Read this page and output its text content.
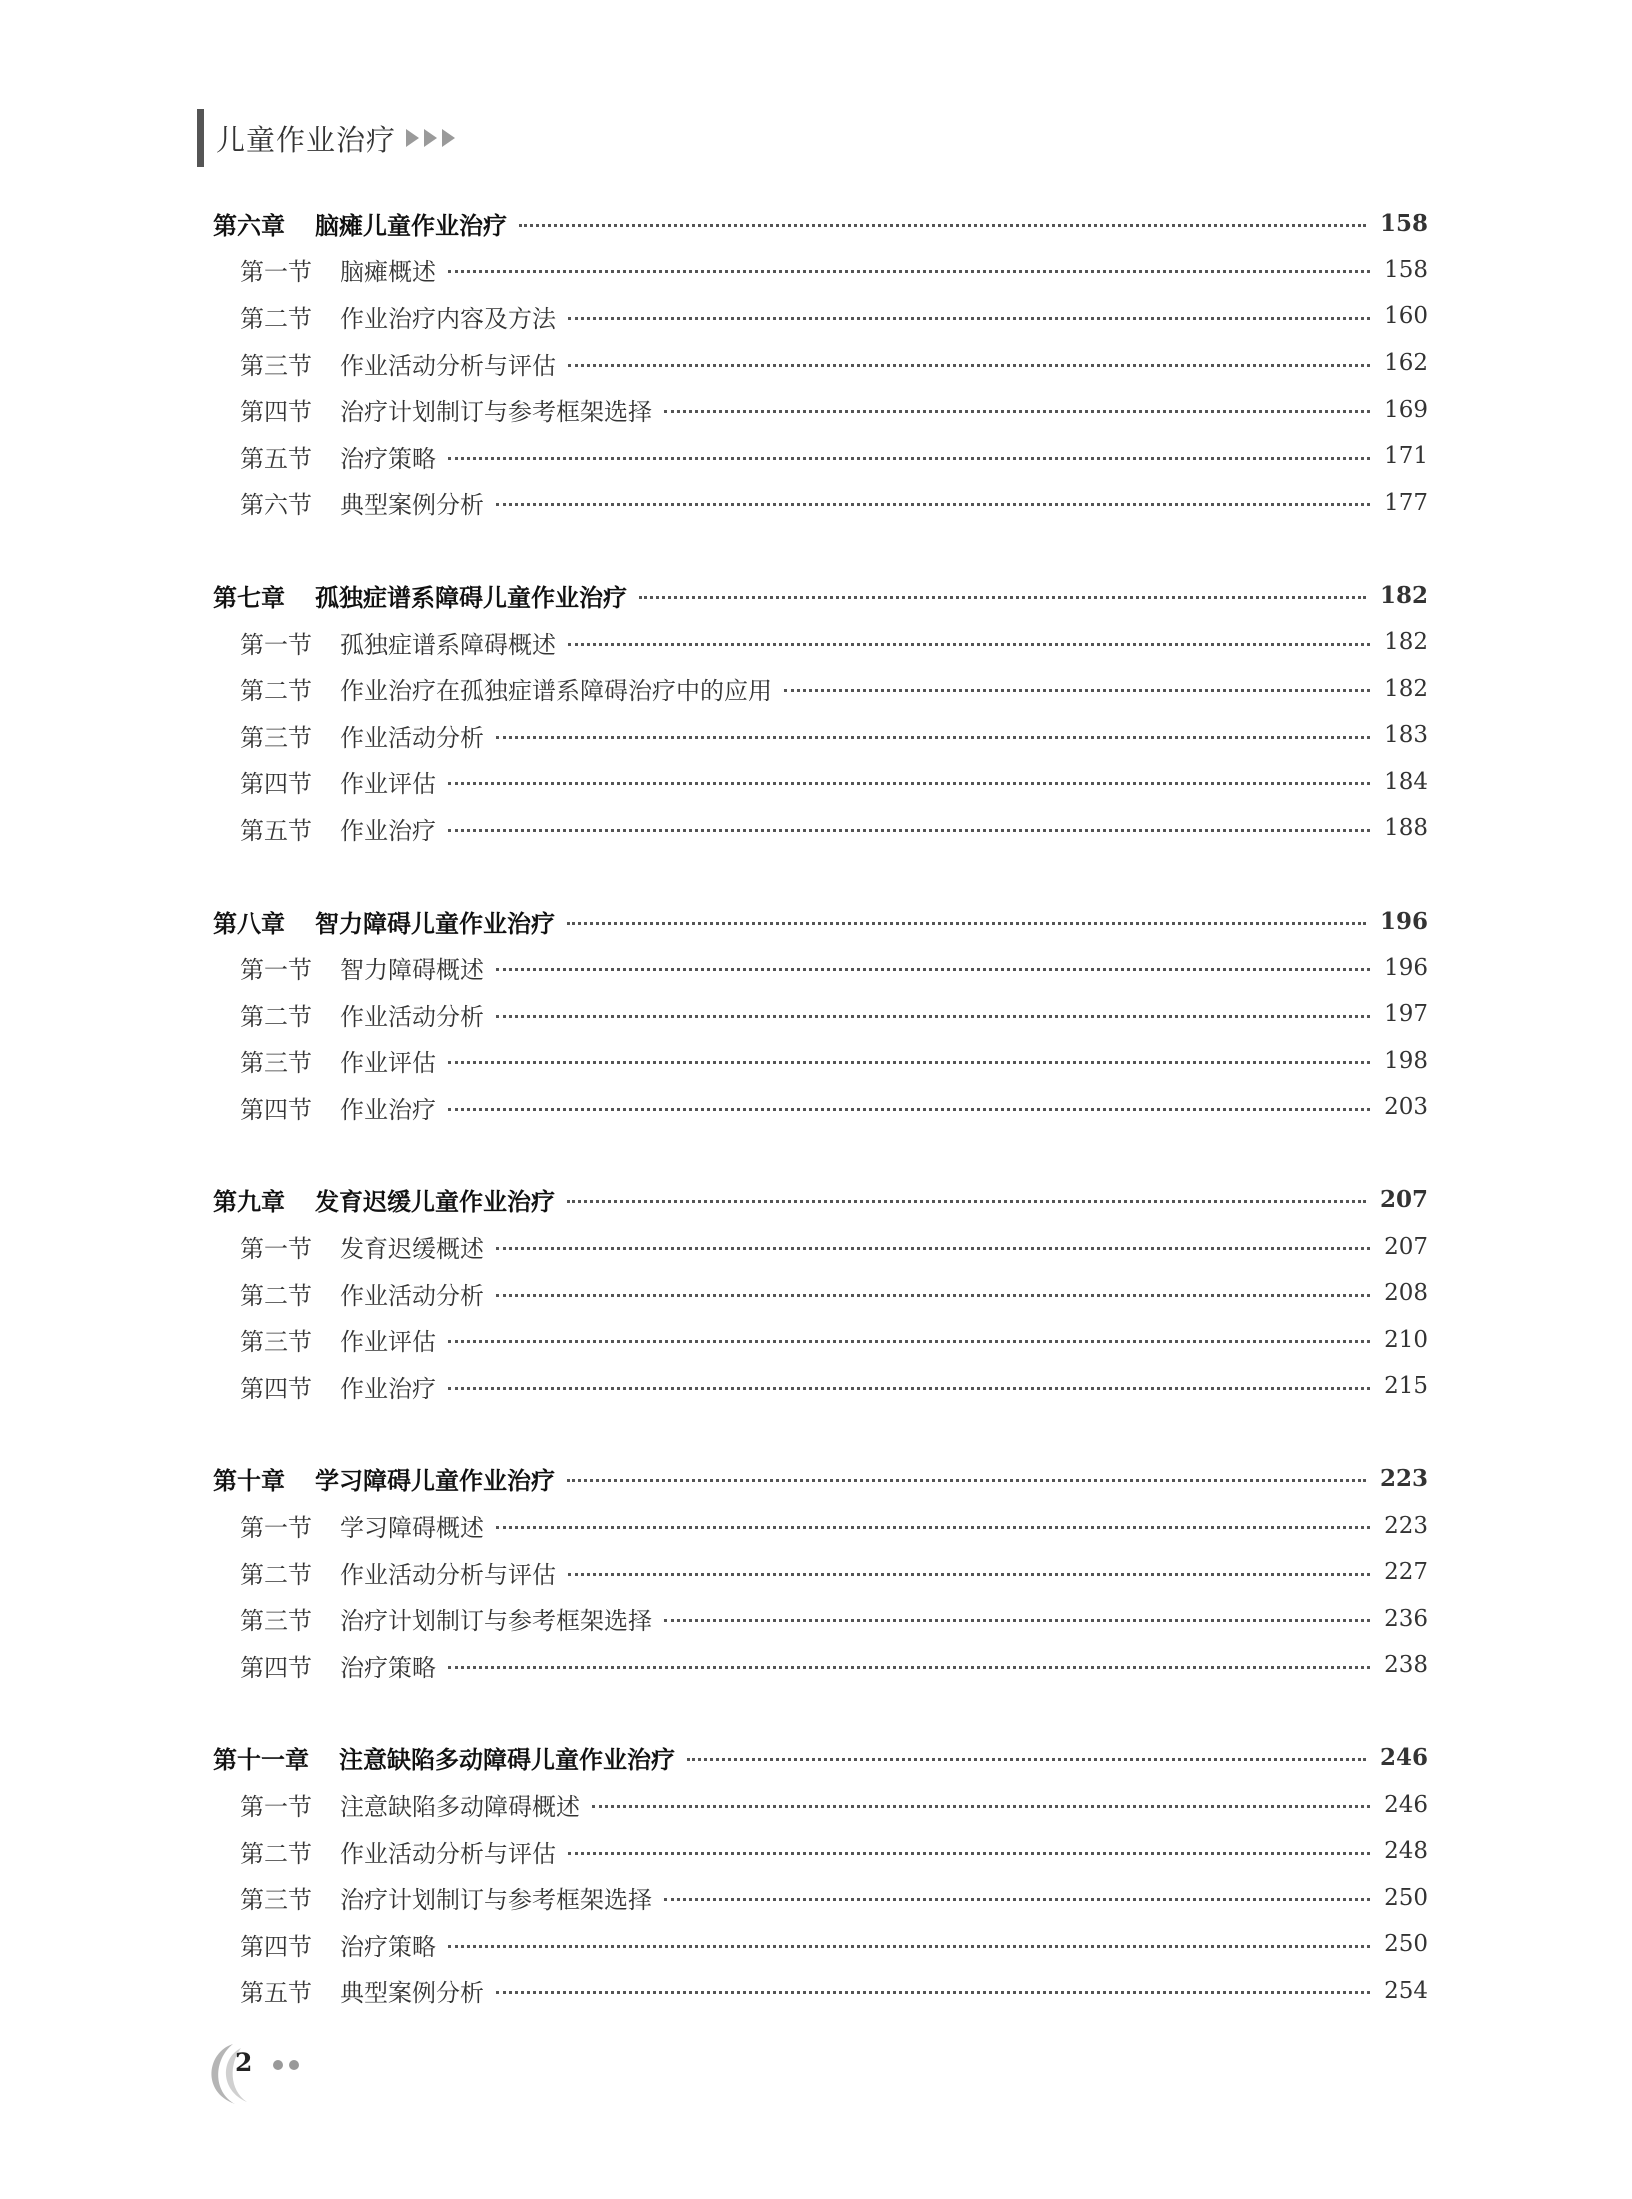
儿童作业治疗
第六章 脑瘫儿童作业治疗	158
第一节 脑瘫概述	158
第二节 作业治疗内容及方法	160
第三节 作业活动分析与评估	162
第四节 治疗计划制订与参考框架选择	169
第五节 治疗策略	171
第六节 典型案例分析	177
第七章 孤独症谱系障碍儿童作业治疗	182
第一节 孤独症谱系障碍概述	182
第二节 作业治疗在孤独症谱系障碍治疗中的应用	182
第三节 作业活动分析	183
第四节 作业评估	184
第五节 作业治疗	188
第八章 智力障碍儿童作业治疗	196
第一节 智力障碍概述	196
第二节 作业活动分析	197
第三节 作业评估	198
第四节 作业治疗	203
第九章 发育迟缓儿童作业治疗	207
第一节 发育迟缓概述	207
第二节 作业活动分析	208
第三节 作业评估	210
第四节 作业治疗	215
第十章 学习障碍儿童作业治疗	223
第一节 学习障碍概述	223
第二节 作业活动分析与评估	227
第三节 治疗计划制订与参考框架选择	236
第四节 治疗策略	238
第十一章 注意缺陷多动障碍儿童作业治疗	246
第一节 注意缺陷多动障碍概述	246
第二节 作业活动分析与评估	248
第三节 治疗计划制订与参考框架选择	250
第四节 治疗策略	250
第五节 典型案例分析	254
2
